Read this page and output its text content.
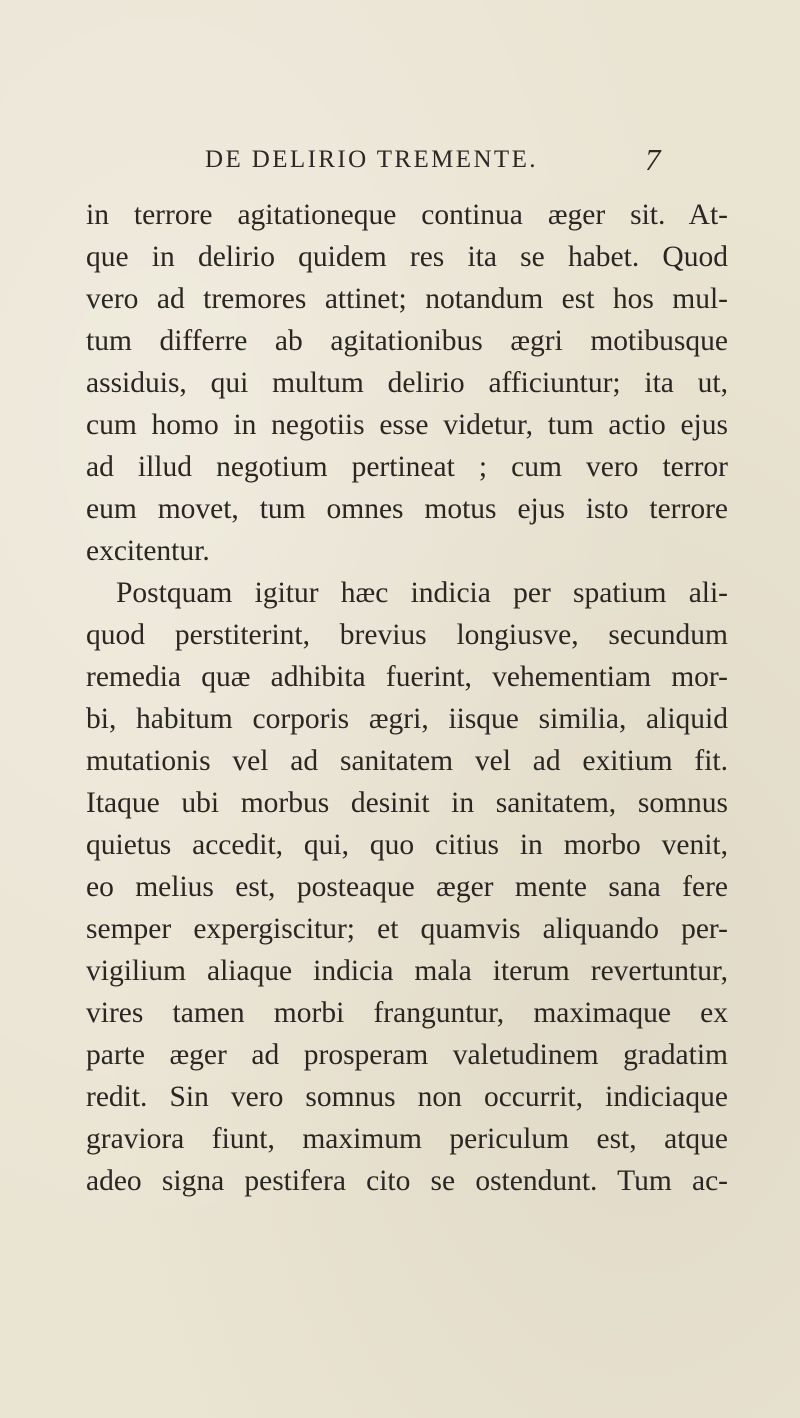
DE DELIRIO TREMENTE.	7
in terrore agitationeque continua æger sit. At-
que in delirio quidem res ita se habet. Quod
vero ad tremores attinet; notandum est hos mul-
tum differre ab agitationibus ægri motibusque
assiduis, qui multum delirio afficiuntur; ita ut,
cum homo in negotiis esse videtur, tum actio ejus
ad illud negotium pertineat ; cum vero terror
eum movet, tum omnes motus ejus isto terrore
excitentur.
Postquam igitur hæc indicia per spatium ali-
quod perstiterint, brevius longiusve, secundum
remedia quæ adhibita fuerint, vehementiam mor-
bi, habitum corporis ægri, iisque similia, aliquid
mutationis vel ad sanitatem vel ad exitium fit.
Itaque ubi morbus desinit in sanitatem, somnus
quietus accedit, qui, quo citius in morbo venit,
eo melius est, posteaque æger mente sana fere
semper expergiscitur; et quamvis aliquando per-
vigilium aliaque indicia mala iterum revertuntur,
vires tamen morbi franguntur, maximaque ex
parte æger ad prosperam valetudinem gradatim
redit. Sin vero somnus non occurrit, indiciaque
graviora fiunt, maximum periculum est, atque
adeo signa pestifera cito se ostendunt. Tum ac-
